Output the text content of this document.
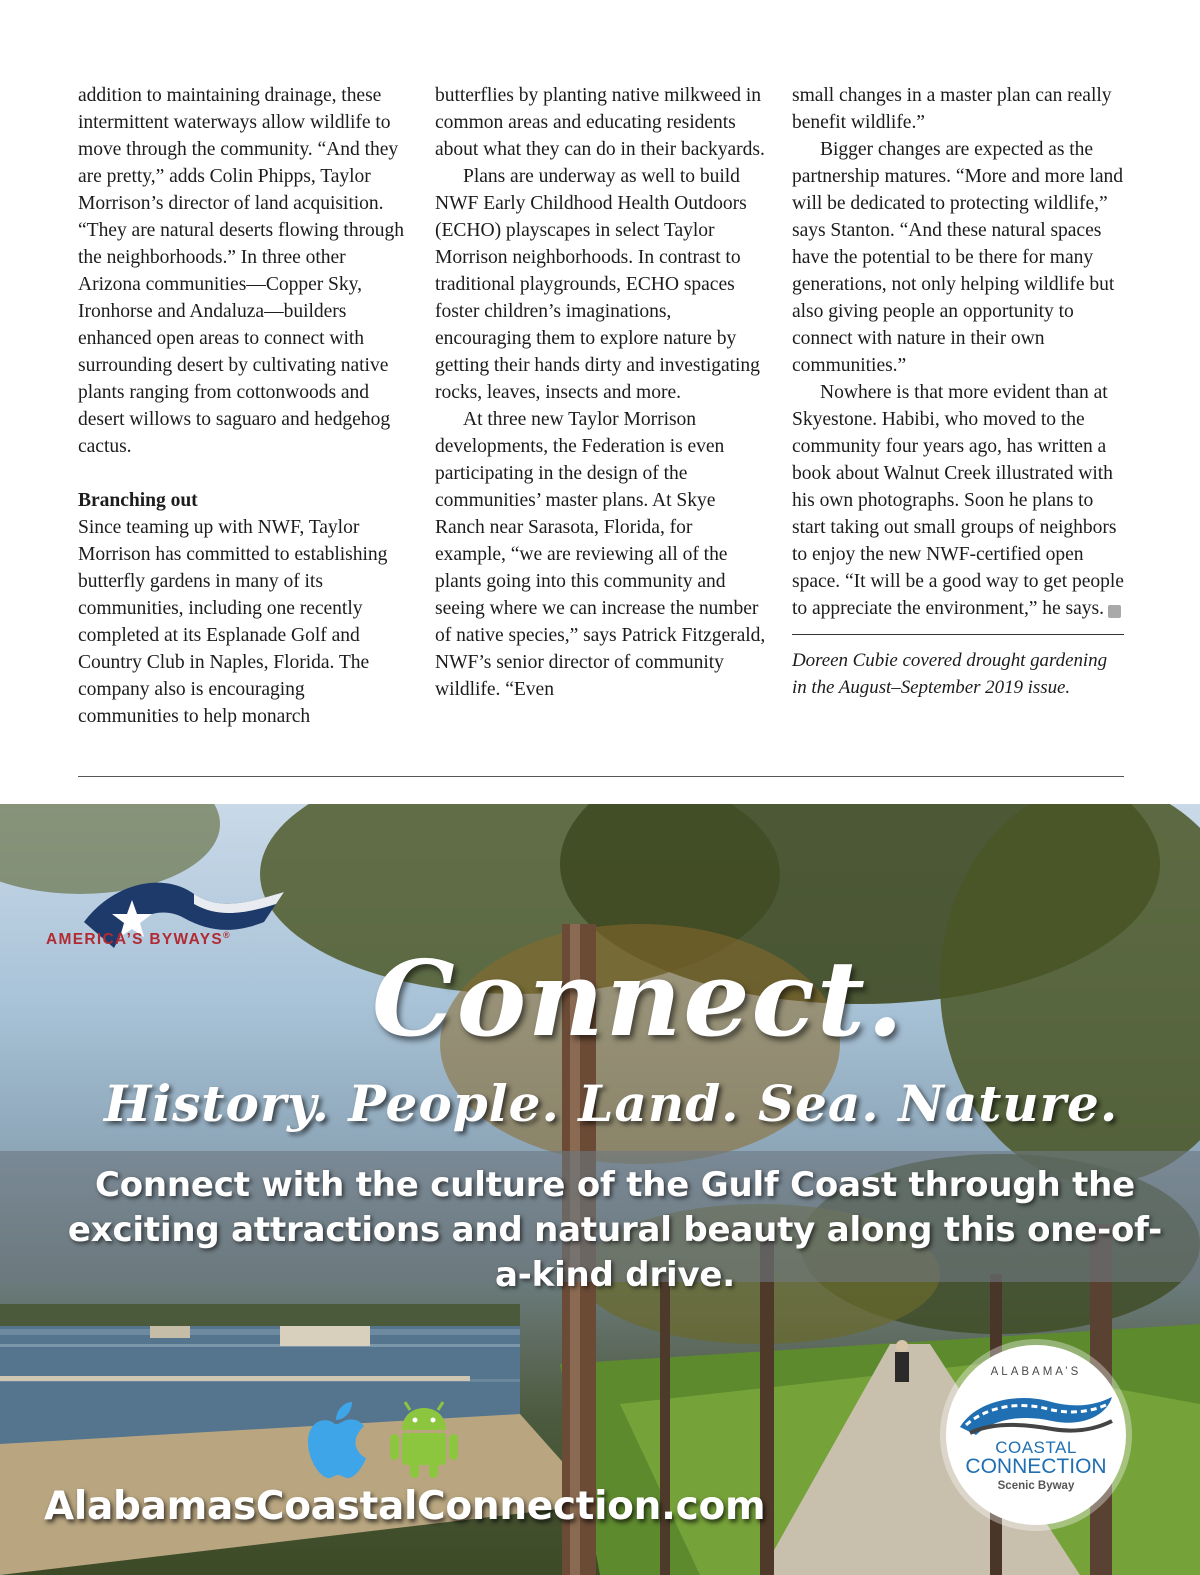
addition to maintaining drainage, these intermittent waterways allow wildlife to move through the community. “And they are pretty,” adds Colin Phipps, Taylor Morrison’s director of land acquisition. “They are natural deserts flowing through the neighborhoods.” In three other Arizona communities—Copper Sky, Ironhorse and Andaluza—builders enhanced open areas to connect with surrounding desert by cultivating native plants ranging from cottonwoods and desert willows to saguaro and hedgehog cactus.

Branching out

Since teaming up with NWF, Taylor Morrison has committed to establishing butterfly gardens in many of its communities, including one recently completed at its Esplanade Golf and Country Club in Naples, Florida. The company also is encouraging communities to help monarch

butterflies by planting native milkweed in common areas and educating residents about what they can do in their backyards.

Plans are underway as well to build NWF Early Childhood Health Outdoors (ECHO) playscapes in select Taylor Morrison neighborhoods. In contrast to traditional playgrounds, ECHO spaces foster children’s imaginations, encouraging them to explore nature by getting their hands dirty and investigating rocks, leaves, insects and more.

At three new Taylor Morrison developments, the Federation is even participating in the design of the communities’ master plans. At Skye Ranch near Sarasota, Florida, for example, “we are reviewing all of the plants going into this community and seeing where we can increase the number of native species,” says Patrick Fitzgerald, NWF’s senior director of community wildlife. “Even

small changes in a master plan can really benefit wildlife.”

Bigger changes are expected as the partnership matures. “More and more land will be dedicated to protecting wildlife,” says Stanton. “And these natural spaces have the potential to be there for many generations, not only helping wildlife but also giving people an opportunity to connect with nature in their own communities.”

Nowhere is that more evident than at Skyestone. Habibi, who moved to the community four years ago, has written a book about Walnut Creek illustrated with his own photographs. Soon he plans to start taking out small groups of neighbors to enjoy the new NWF-certified open space. “It will be a good way to get people to appreciate the environment,” he says.	W

Doreen Cubie covered drought gardening in the August–September 2019 issue.

AMERICA’S BYWAYS®
Connect.
History. People. Land. Sea. Nature.
Connect with the culture of the Gulf Coast through the exciting attractions and natural beauty along this one-of-a-kind drive.
AlabamasCoastalConnection.com
ALABAMA’S
COASTAL
CONNECTION
Scenic Byway
